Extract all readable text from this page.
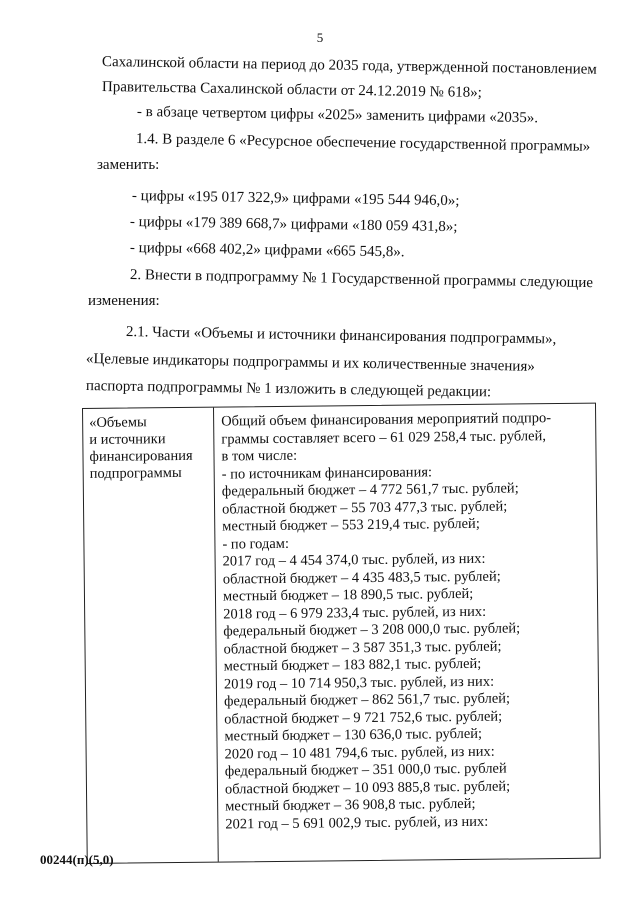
5
Сахалинской области на период до 2035 года, утвержденной постановлением
Правительства Сахалинской области от 24.12.2019 № 618»;
- в абзаце четвертом цифры «2025» заменить цифрами «2035».
1.4. В разделе 6 «Ресурсное обеспечение государственной программы»
заменить:
- цифры «195 017 322,9» цифрами «195 544 946,0»;
- цифры «179 389 668,7» цифрами «180 059 431,8»;
- цифры «668 402,2» цифрами «665 545,8».
2. Внести в подпрограмму № 1 Государственной программы следующие
изменения:
2.1. Части «Объемы и источники финансирования подпрограммы»,
«Целевые индикаторы подпрограммы и их количественные значения»
паспорта подпрограммы № 1 изложить в следующей редакции:
«Объемы
и источники
финансирования
подпрограммы
Общий объем финансирования мероприятий подпро-
граммы составляет всего – 61 029 258,4 тыс. рублей,
в том числе:
- по источникам финансирования:
федеральный бюджет – 4 772 561,7 тыс. рублей;
областной бюджет – 55 703 477,3 тыс. рублей;
местный бюджет – 553 219,4 тыс. рублей;
- по годам:
2017 год – 4 454 374,0 тыс. рублей, из них:
областной бюджет – 4 435 483,5 тыс. рублей;
местный бюджет – 18 890,5 тыс. рублей;
2018 год – 6 979 233,4 тыс. рублей, из них:
федеральный бюджет – 3 208 000,0 тыс. рублей;
областной бюджет – 3 587 351,3 тыс. рублей;
местный бюджет – 183 882,1 тыс. рублей;
2019 год – 10 714 950,3 тыс. рублей, из них:
федеральный бюджет – 862 561,7 тыс. рублей;
областной бюджет – 9 721 752,6 тыс. рублей;
местный бюджет – 130 636,0 тыс. рублей;
2020 год – 10 481 794,6 тыс. рублей, из них:
федеральный бюджет – 351 000,0 тыс. рублей
областной бюджет – 10 093 885,8 тыс. рублей;
местный бюджет – 36 908,8 тыс. рублей;
2021 год – 5 691 002,9 тыс. рублей, из них:
00244(п)(5,0)
